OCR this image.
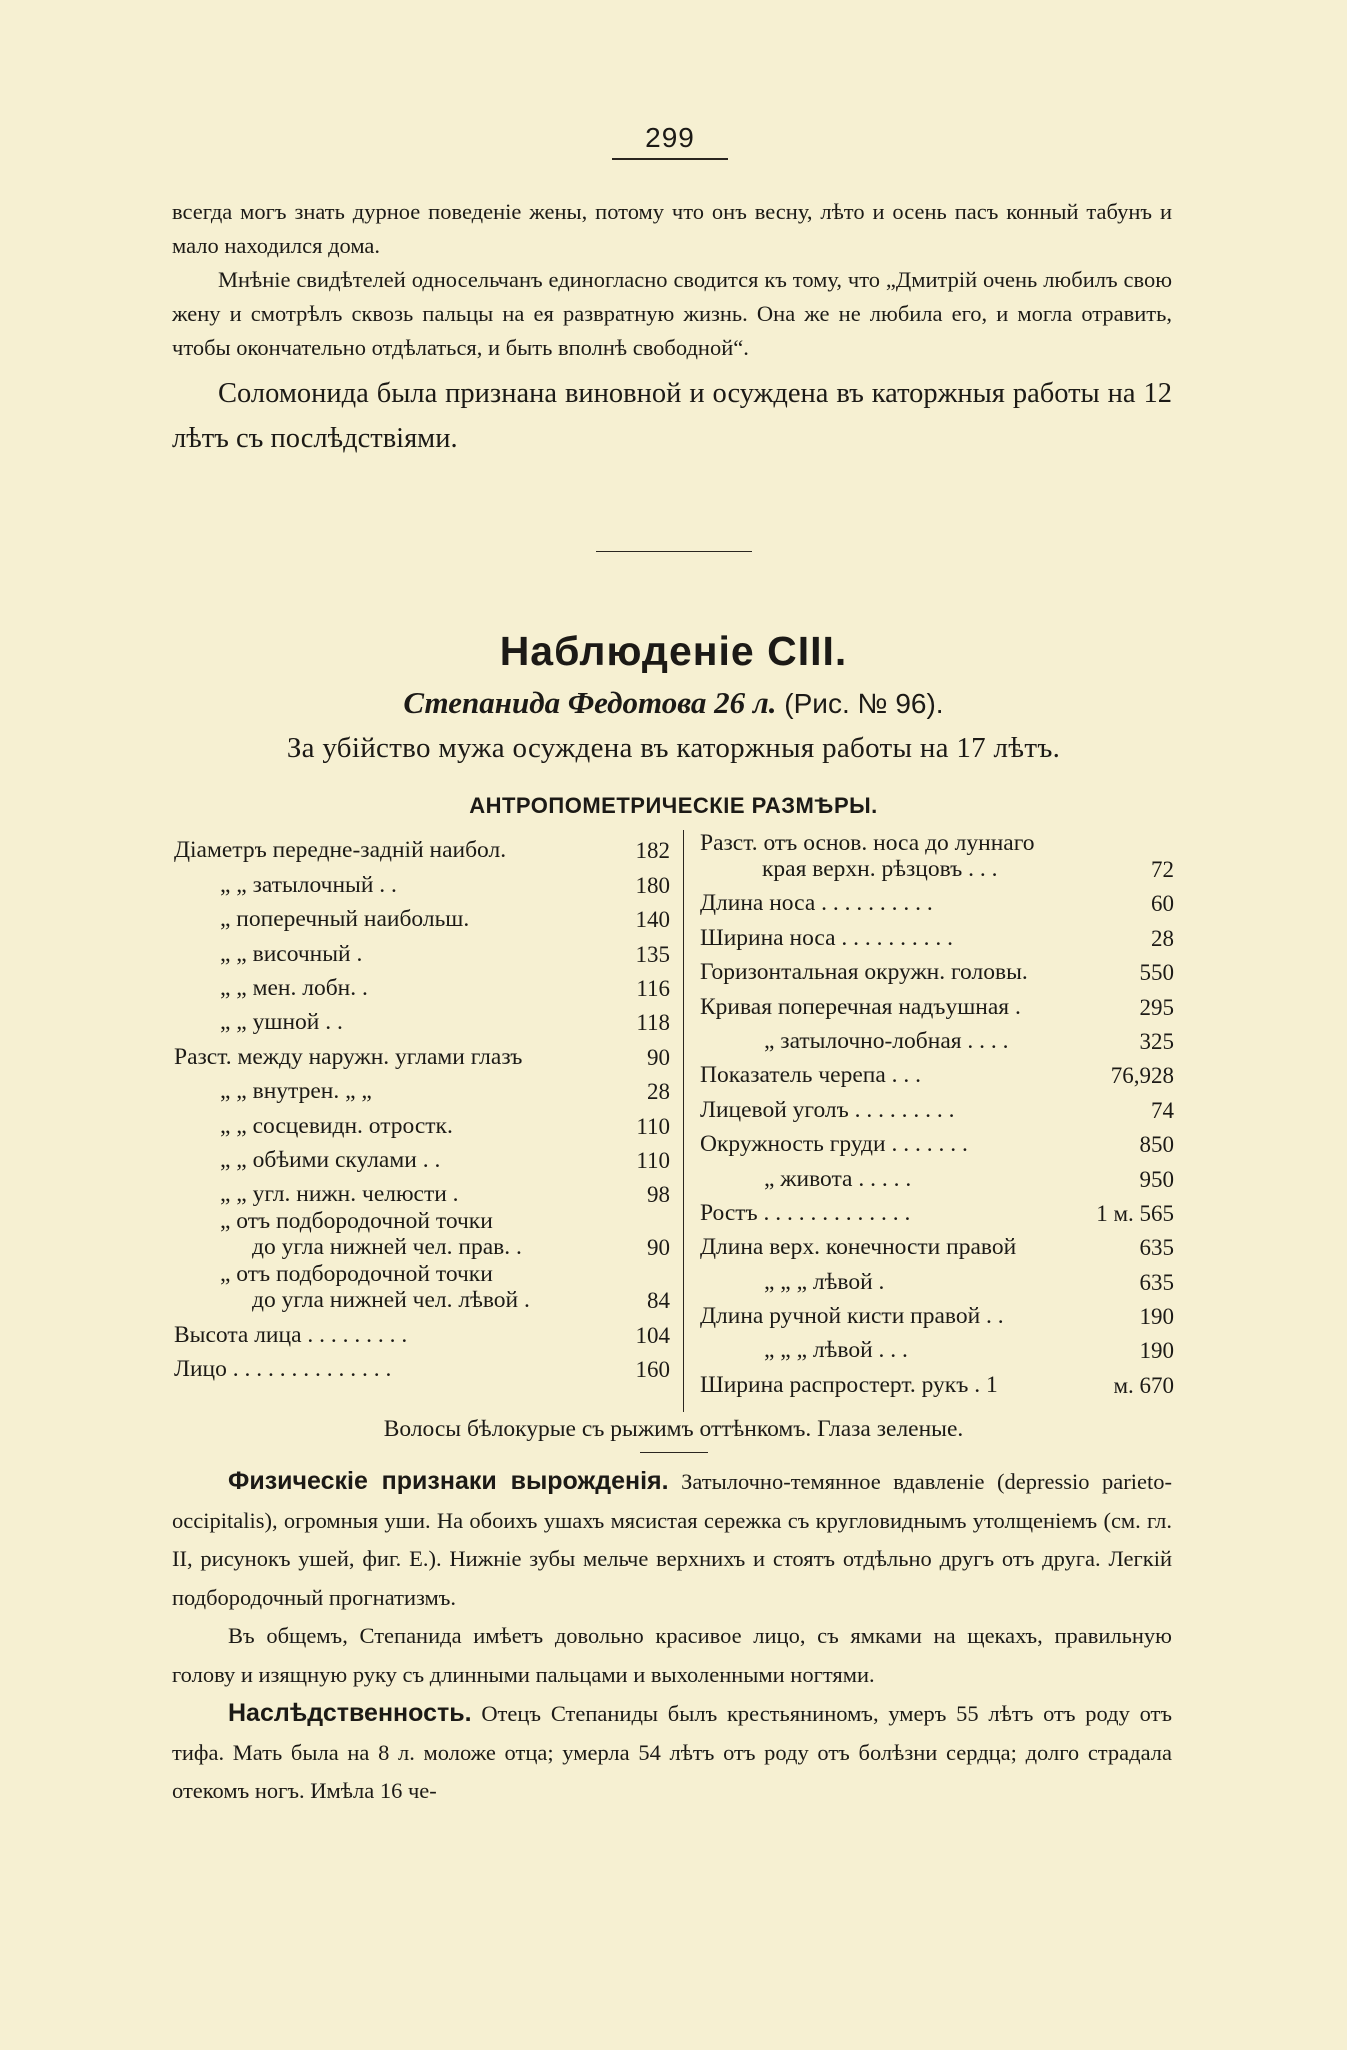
299

всегда могъ знать дурное поведеніе жены, потому что онъ весну, лѣто и осень пасъ конный табунъ и мало находился дома.

Мнѣніе свидѣтелей односельчанъ единогласно сводится къ тому, что „Дмитрій очень любилъ свою жену и смотрѣлъ сквозь пальцы на ея развратную жизнь. Она же не любила его, и могла отравить, чтобы окончательно отдѣлаться, и быть вполнѣ свободной“.

Соломонида была признана виновной и осуждена въ каторжныя работы на 12 лѣтъ съ послѣдствіями.

Наблюденіе CIII.
Степанида Федотова 26 л. (Рис. № 96).
За убійство мужа осуждена въ каторжныя работы на 17 лѣтъ.
АНТРОПОМЕТРИЧЕСКІЕ РАЗМѢРЫ.
Діаметръ передне-задній наибол.	182
„ „ затылочный . .	180
„ поперечный наибольш.	140
„ „ височный .	135
„ „ мен. лобн. .	116
„ „ ушной . .	118
Разст. между наружн. углами глазъ	90
„ „ внутрен. „ „	28
„ „ сосцевидн. отростк.	110
„ „ обѣими скулами . .	110
„ „ угл. нижн. челюсти .	98
„ отъ подбородочной точки
до угла нижней чел. прав. .	90
„ отъ подбородочной точки
до угла нижней чел. лѣвой .	84
Высота лица . . . . . . . . .	104
Лицо . . . . . . . . . . . . . .	160
Разст. отъ основ. носа до луннаго
края верхн. рѣзцовъ . . .	72
Длина носа . . . . . . . . . .	60
Ширина носа . . . . . . . . . .	28
Горизонтальная окружн. головы.	550
Кривая поперечная надъушная .	295
„ затылочно-лобная . . . .	325
Показатель черепа . . .	76,928
Лицевой уголъ . . . . . . . . .	74
Окружность груди . . . . . . .	850
„ живота . . . . .	950
Ростъ . . . . . . . . . . . . .	1 м. 565
Длина верх. конечности правой	635
„ „ „ лѣвой .	635
Длина ручной кисти правой . .	190
„ „ „ лѣвой . . .	190
Ширина распростерт. рукъ . 1	м. 670
Волосы бѣлокурые съ рыжимъ оттѣнкомъ. Глаза зеленые.

Физическіе признаки вырожденія. Затылочно-темянное вдавленіе (depressio parieto-occipitalis), огромныя уши. На обоихъ ушахъ мясистая сережка съ кругловиднымъ утолщеніемъ (см. гл. II, рисунокъ ушей, фиг. E.). Нижніе зубы мельче верхнихъ и стоятъ отдѣльно другъ отъ друга. Легкій подбородочный прогнатизмъ.

Въ общемъ, Степанида имѣетъ довольно красивое лицо, съ ямками на щекахъ, правильную голову и изящную руку съ длинными пальцами и выхоленными ногтями.

Наслѣдственность. Отецъ Степаниды былъ крестьяниномъ, умеръ 55 лѣтъ отъ роду отъ тифа. Мать была на 8 л. моложе отца; умерла 54 лѣтъ отъ роду отъ болѣзни сердца; долго страдала отекомъ ногъ. Имѣла 16 че-
